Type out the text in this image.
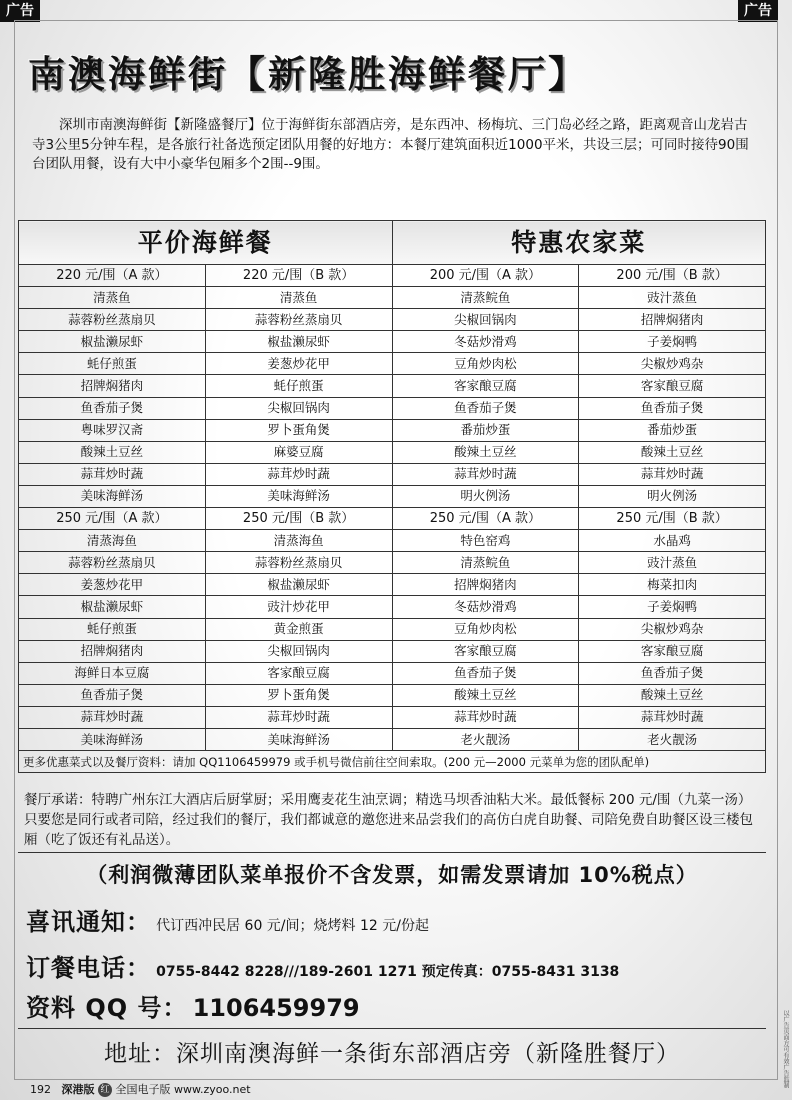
广告	广告
南澳海鲜街【新隆胜海鲜餐厅】
深圳市南澳海鲜街【新隆盛餐厅】位于海鲜街东部酒店旁，是东西冲、杨梅坑、三门岛必经之路，距离观音山龙岩古寺3公里5分钟车程，是各旅行社备选预定团队用餐的好地方：本餐厅建筑面积近1000平米，共设三层；可同时接待90围台团队用餐，设有大中小豪华包厢多个2围--9围。
平价海鲜餐		特惠农家菜	
220 元/围（A 款）	220 元/围（B 款）	200 元/围（A 款）	200 元/围（B 款）
清蒸鱼	清蒸鱼	清蒸鲩鱼	豉汁蒸鱼
蒜蓉粉丝蒸扇贝	蒜蓉粉丝蒸扇贝	尖椒回锅肉	招牌焖猪肉
椒盐濑尿虾	椒盐濑尿虾	冬菇炒滑鸡	子姜焖鸭
蚝仔煎蛋	姜葱炒花甲	豆角炒肉松	尖椒炒鸡杂
招牌焖猪肉	蚝仔煎蛋	客家酿豆腐	客家酿豆腐
鱼香茄子煲	尖椒回锅肉	鱼香茄子煲	鱼香茄子煲
粤味罗汉斋	罗卜蛋角煲	番茄炒蛋	番茄炒蛋
酸辣土豆丝	麻婆豆腐	酸辣土豆丝	酸辣土豆丝
蒜茸炒时蔬	蒜茸炒时蔬	蒜茸炒时蔬	蒜茸炒时蔬
美味海鲜汤	美味海鲜汤	明火例汤	明火例汤
250 元/围（A 款）	250 元/围（B 款）	250 元/围（A 款）	250 元/围（B 款）
清蒸海鱼	清蒸海鱼	特色窑鸡	水晶鸡
蒜蓉粉丝蒸扇贝	蒜蓉粉丝蒸扇贝	清蒸鲩鱼	豉汁蒸鱼
姜葱炒花甲	椒盐濑尿虾	招牌焖猪肉	梅菜扣肉
椒盐濑尿虾	豉汁炒花甲	冬菇炒滑鸡	子姜焖鸭
蚝仔煎蛋	黄金煎蛋	豆角炒肉松	尖椒炒鸡杂
招牌焖猪肉	尖椒回锅肉	客家酿豆腐	客家酿豆腐
海鲜日本豆腐	客家酿豆腐	鱼香茄子煲	鱼香茄子煲
鱼香茄子煲	罗卜蛋角煲	酸辣土豆丝	酸辣土豆丝
蒜茸炒时蔬	蒜茸炒时蔬	蒜茸炒时蔬	蒜茸炒时蔬
美味海鲜汤	美味海鲜汤	老火靓汤	老火靓汤
更多优惠菜式以及餐厅资料：请加 QQ1106459979 或手机号微信前往空间索取。(200 元—2000 元菜单为您的团队配单)			
餐厅承诺：特聘广州东江大酒店后厨掌厨；采用鹰麦花生油烹调；精选马坝香油粘大米。最低餐标 200 元/围（九菜一汤）只要您是同行或者司陪，经过我们的餐厅，我们都诚意的邀您进来品尝我们的高仿白虎自助餐、司陪免费自助餐区设三楼包厢（吃了饭还有礼品送）。
（利润微薄团队菜单报价不含发票，如需发票请加 10%税点）
喜讯通知： 代订西冲民居 60 元/间；烧烤料 12 元/份起
订餐电话： 0755-8442 8228///189-2601 1271 预定传真：0755-8431 3138
资料 QQ 号： 1106459979
地址：深圳南澳海鲜一条街东部酒店旁（新隆胜餐厅）
192 深港版 红 全国电子版 www.zyoo.net
以广告页面方可有效广告监制
